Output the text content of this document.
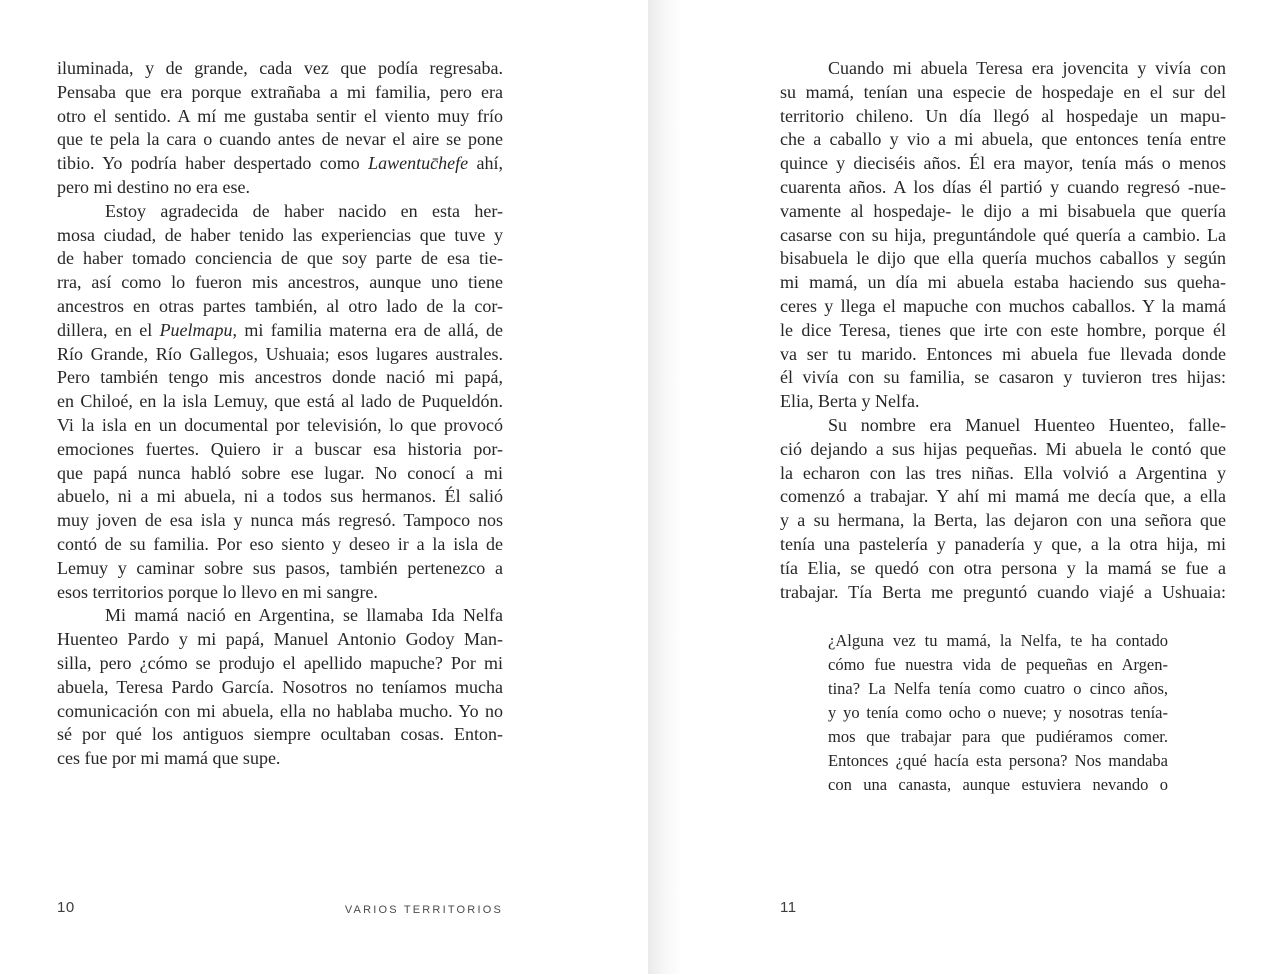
iluminada, y de grande, cada vez que podía regresaba.
Pensaba que era porque extrañaba a mi familia, pero era
otro el sentido. A mí me gustaba sentir el viento muy frío
que te pela la cara o cuando antes de nevar el aire se pone
tibio. Yo podría haber despertado como Lawentuc̄hefe ahí,
pero mi destino no era ese.
Estoy agradecida de haber nacido en esta her-
mosa ciudad, de haber tenido las experiencias que tuve y
de haber tomado conciencia de que soy parte de esa tie-
rra, así como lo fueron mis ancestros, aunque uno tiene
ancestros en otras partes también, al otro lado de la cor-
dillera, en el Puelmapu, mi familia materna era de allá, de
Río Grande, Río Gallegos, Ushuaia; esos lugares australes.
Pero también tengo mis ancestros donde nació mi papá,
en Chiloé, en la isla Lemuy, que está al lado de Puqueldón.
Vi la isla en un documental por televisión, lo que provocó
emociones fuertes. Quiero ir a buscar esa historia por-
que papá nunca habló sobre ese lugar. No conocí a mi
abuelo, ni a mi abuela, ni a todos sus hermanos. Él salió
muy joven de esa isla y nunca más regresó. Tampoco nos
contó de su familia. Por eso siento y deseo ir a la isla de
Lemuy y caminar sobre sus pasos, también pertenezco a
esos territorios porque lo llevo en mi sangre.
Mi mamá nació en Argentina, se llamaba Ida Nelfa
Huenteo Pardo y mi papá, Manuel Antonio Godoy Man-
silla, pero ¿cómo se produjo el apellido mapuche? Por mi
abuela, Teresa Pardo García. Nosotros no teníamos mucha
comunicación con mi abuela, ella no hablaba mucho. Yo no
sé por qué los antiguos siempre ocultaban cosas. Enton-
ces fue por mi mamá que supe.
Cuando mi abuela Teresa era jovencita y vivía con
su mamá, tenían una especie de hospedaje en el sur del
territorio chileno. Un día llegó al hospedaje un mapu-
che a caballo y vio a mi abuela, que entonces tenía entre
quince y dieciséis años. Él era mayor, tenía más o menos
cuarenta años. A los días él partió y cuando regresó -nue-
vamente al hospedaje- le dijo a mi bisabuela que quería
casarse con su hija, preguntándole qué quería a cambio. La
bisabuela le dijo que ella quería muchos caballos y según
mi mamá, un día mi abuela estaba haciendo sus queha-
ceres y llega el mapuche con muchos caballos. Y la mamá
le dice Teresa, tienes que irte con este hombre, porque él
va ser tu marido. Entonces mi abuela fue llevada donde
él vivía con su familia, se casaron y tuvieron tres hijas:
Elia, Berta y Nelfa.
Su nombre era Manuel Huenteo Huenteo, falle-
ció dejando a sus hijas pequeñas. Mi abuela le contó que
la echaron con las tres niñas. Ella volvió a Argentina y
comenzó a trabajar. Y ahí mi mamá me decía que, a ella
y a su hermana, la Berta, las dejaron con una señora que
tenía una pastelería y panadería y que, a la otra hija, mi
tía Elia, se quedó con otra persona y la mamá se fue a
trabajar. Tía Berta me preguntó cuando viajé a Ushuaia:
¿Alguna vez tu mamá, la Nelfa, te ha contado
cómo fue nuestra vida de pequeñas en Argen-
tina? La Nelfa tenía como cuatro o cinco años,
y yo tenía como ocho o nueve; y nosotras tenía-
mos que trabajar para que pudiéramos comer.
Entonces ¿qué hacía esta persona? Nos mandaba
con una canasta, aunque estuviera nevando o
10	VARIOS TERRITORIOS	11
